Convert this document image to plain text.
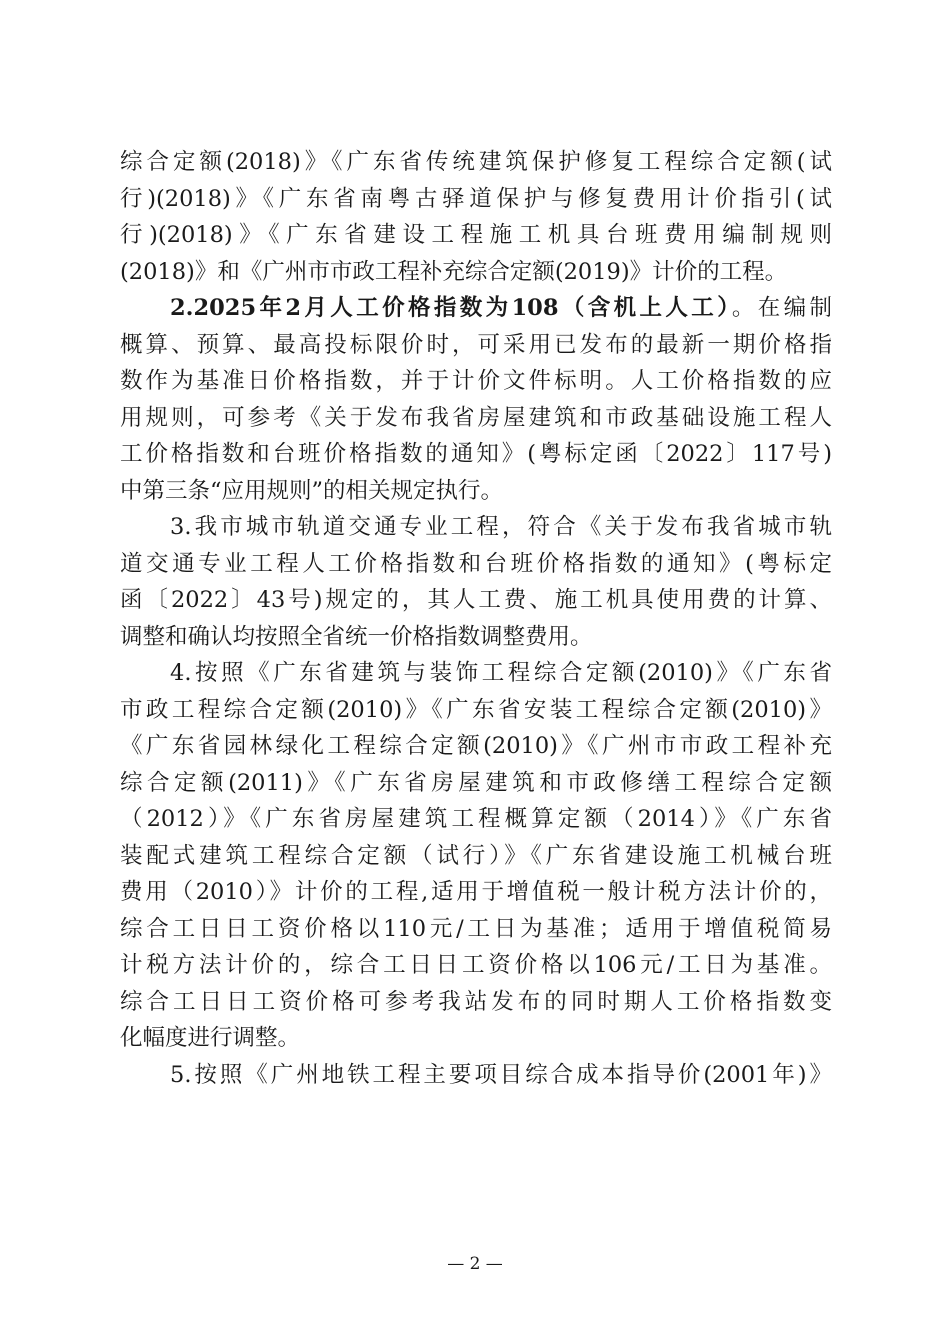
综合定额(2018)》《广东省传统建筑保护修复工程综合定额(试
行)(2018)》《广东省南粤古驿道保护与修复费用计价指引(试
行)(2018)》《广东省建设工程施工机具台班费用编制规则
(2018)》和《广州市市政工程补充综合定额(2019)》计价的工程。
2.2025年2月人工价格指数为108（含机上人工）。在编制
概算、预算、最高投标限价时，可采用已发布的最新一期价格指
数作为基准日价格指数，并于计价文件标明。人工价格指数的应
用规则，可参考《关于发布我省房屋建筑和市政基础设施工程人
工价格指数和台班价格指数的通知》(粤标定函〔2022〕117号)
中第三条“应用规则”的相关规定执行。
3.我市城市轨道交通专业工程，符合《关于发布我省城市轨
道交通专业工程人工价格指数和台班价格指数的通知》(粤标定
函〔2022〕43号)规定的，其人工费、施工机具使用费的计算、
调整和确认均按照全省统一价格指数调整费用。
4.按照《广东省建筑与装饰工程综合定额(2010)》《广东省
市政工程综合定额(2010)》《广东省安装工程综合定额(2010)》
《广东省园林绿化工程综合定额(2010)》《广州市市政工程补充
综合定额(2011)》《广东省房屋建筑和市政修缮工程综合定额
（2012）》《广东省房屋建筑工程概算定额（2014）》《广东省
装配式建筑工程综合定额（试行）》《广东省建设施工机械台班
费用（2010）》计价的工程,适用于增值税一般计税方法计价的，
综合工日日工资价格以110元/工日为基准；适用于增值税简易
计税方法计价的，综合工日日工资价格以106元/工日为基准。
综合工日日工资价格可参考我站发布的同时期人工价格指数变
化幅度进行调整。
5.按照《广州地铁工程主要项目综合成本指导价(2001年)》
— 2 —
